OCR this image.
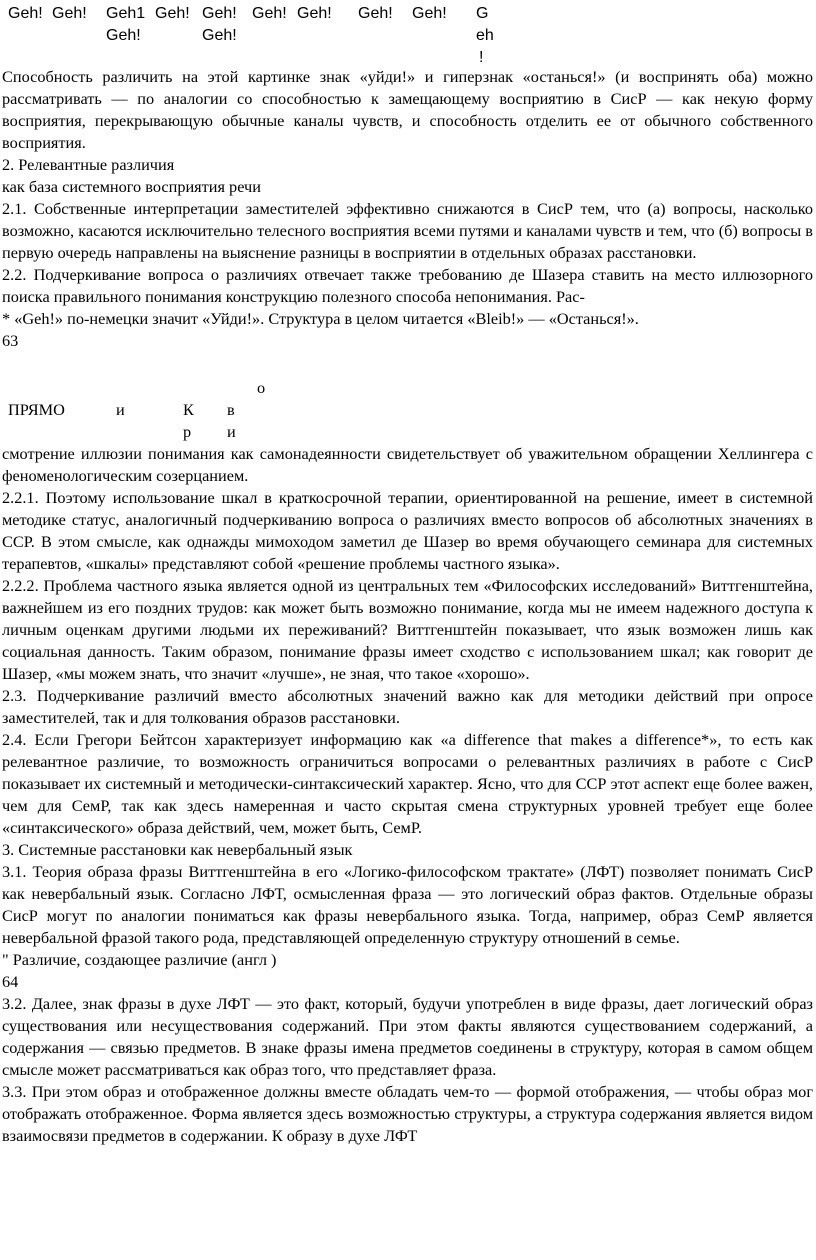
Geh! Geh! Geh1
Geh!
Geh! Geh!
Geh!
Geh! Geh! Geh! Geh! G
eh
!

Способность различить на этой картинке знак «уйди!» и гиперзнак «останься!» (и воспринять оба) можно рассматривать — по аналогии со способностью к замещающему восприятию в СисР — как некую форму восприятия, перекрывающую обычные каналы чувств, и способность отделить ее от обычного собственного восприятия.

2. Релевантные различия

как база системного восприятия речи

2.1. Собственные интерпретации заместителей эффективно снижаются в СисР тем, что (а) вопросы, насколько возможно, касаются исключительно телесного восприятия всеми путями и каналами чувств и тем, что (б) вопросы в первую очередь направлены на выяснение разницы в восприятии в отдельных образах расстановки.

2.2. Подчеркивание вопроса о различиях отвечает также требованию де Шазера ставить на место иллюзорного поиска правильного понимания конструкцию полезного способа непонимания. Рас-

* «Geh!» по-немецки значит «Уйди!». Структура в целом читается «Bleib!» — «Останься!».

63

о
ПРЯМО	и	К в
р и

смотрение иллюзии понимания как самонадеянности свидетельствует об уважительном обращении Хеллингера с феноменологическим созерцанием.

2.2.1. Поэтому использование шкал в краткосрочной терапии, ориентированной на решение, имеет в системной методике статус, аналогичный подчеркиванию вопроса о различиях вместо вопросов об абсолютных значениях в ССР. В этом смысле, как однажды мимоходом заметил де Шазер во время обучающего семинара для системных терапевтов, «шкалы» представляют собой «решение проблемы частного языка».

2.2.2. Проблема частного языка является одной из центральных тем «Философских исследований» Виттгенштейна, важнейшем из его поздних трудов: как может быть возможно понимание, когда мы не имеем надежного доступа к личным оценкам другими людьми их переживаний? Виттгенштейн показывает, что язык возможен лишь как социальная данность. Таким образом, понимание фразы имеет сходство с использованием шкал; как говорит де Шазер, «мы можем знать, что значит «лучше», не зная, что такое «хорошо».

2.3. Подчеркивание различий вместо абсолютных значений важно как для методики действий при опросе заместителей, так и для толкования образов расстановки.

2.4. Если Грегори Бейтсон характеризует информацию как «a difference that makes a difference*», то есть как релевантное различие, то возможность ограничиться вопросами о релевантных различиях в работе с СисР показывает их системный и методически-синтаксический характер. Ясно, что для ССР этот аспект еще более важен, чем для СемР, так как здесь намеренная и часто скрытая смена структурных уровней требует еще более «синтаксического» образа действий, чем, может быть, СемР.

3. Системные расстановки как невербальный язык

3.1. Теория образа фразы Виттгенштейна в его «Логико-философском трактате» (ЛФТ) позволяет понимать СисР как невербальный язык. Согласно ЛФТ, осмысленная фраза — это логический образ фактов. Отдельные образы СисР могут по аналогии пониматься как фразы невербального языка. Тогда, например, образ СемР является невербальной фразой такого рода, представляющей определенную структуру отношений в семье.

" Различие, создающее различие (англ )

64

3.2. Далее, знак фразы в духе ЛФТ — это факт, который, будучи употреблен в виде фразы, дает логический образ существования или несуществования содержаний. При этом факты являются существованием содержаний, а содержания — связью предметов. В знаке фразы имена предметов соединены в структуру, которая в самом общем смысле может рассматриваться как образ того, что представляет фраза.

3.3. При этом образ и отображенное должны вместе обладать чем-то — формой отображения, — чтобы образ мог отображать отображенное. Форма является здесь возможностью структуры, а структура содержания является видом взаимосвязи предметов в содержании. К образу в духе ЛФТ
